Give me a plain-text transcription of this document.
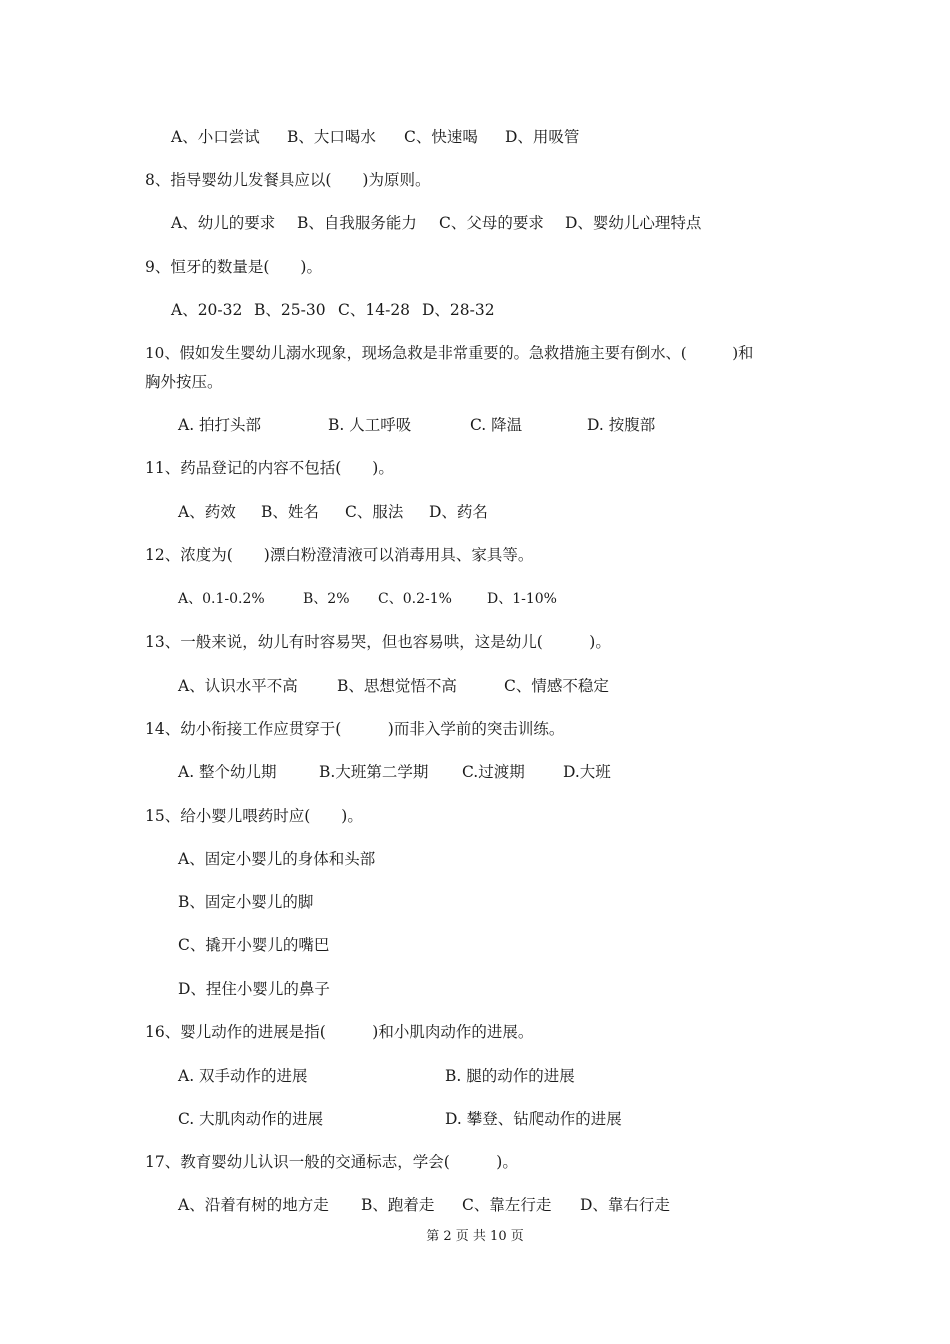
A、小口尝试 B、大口喝水 C、快速喝 D、用吸管
8、指导婴幼儿发餐具应以(　　)为原则。
A、幼儿的要求 B、自我服务能力 C、父母的要求 D、婴幼儿心理特点
9、恒牙的数量是(　　)。
A、20-32 B、25-30 C、14-28 D、28-32
10、假如发生婴幼儿溺水现象，现场急救是非常重要的。急救措施主要有倒水、(　　　)和
胸外按压。
A. 拍打头部	B. 人工呼吸	C. 降温	D. 按腹部
11、药品登记的内容不包括(　　)。
A、药效 B、姓名 C、服法 D、药名
12、浓度为(　　)漂白粉澄清液可以消毒用具、家具等。
A、0.1-0.2%	B、2% C、0.2-1%	D、1-10%
13、一般来说，幼儿有时容易哭，但也容易哄，这是幼儿(　　　)。
A、认识水平不高	B、思想觉悟不高	C、情感不稳定
14、幼小衔接工作应贯穿于(　　　)而非入学前的突击训练。
A. 整个幼儿期	B.大班第二学期 C.过渡期 D.大班
15、给小婴儿喂药时应(　　)。
A、固定小婴儿的身体和头部
B、固定小婴儿的脚
C、撬开小婴儿的嘴巴
D、捏住小婴儿的鼻子
16、婴儿动作的进展是指(　　　)和小肌肉动作的进展。
A. 双手动作的进展	B. 腿的动作的进展
C. 大肌肉动作的进展	D. 攀登、钻爬动作的进展
17、教育婴幼儿认识一般的交通标志，学会(　　　)。
A、沿着有树的地方走 B、跑着走 C、靠左行走 D、靠右行走
第 2 页 共 10 页
